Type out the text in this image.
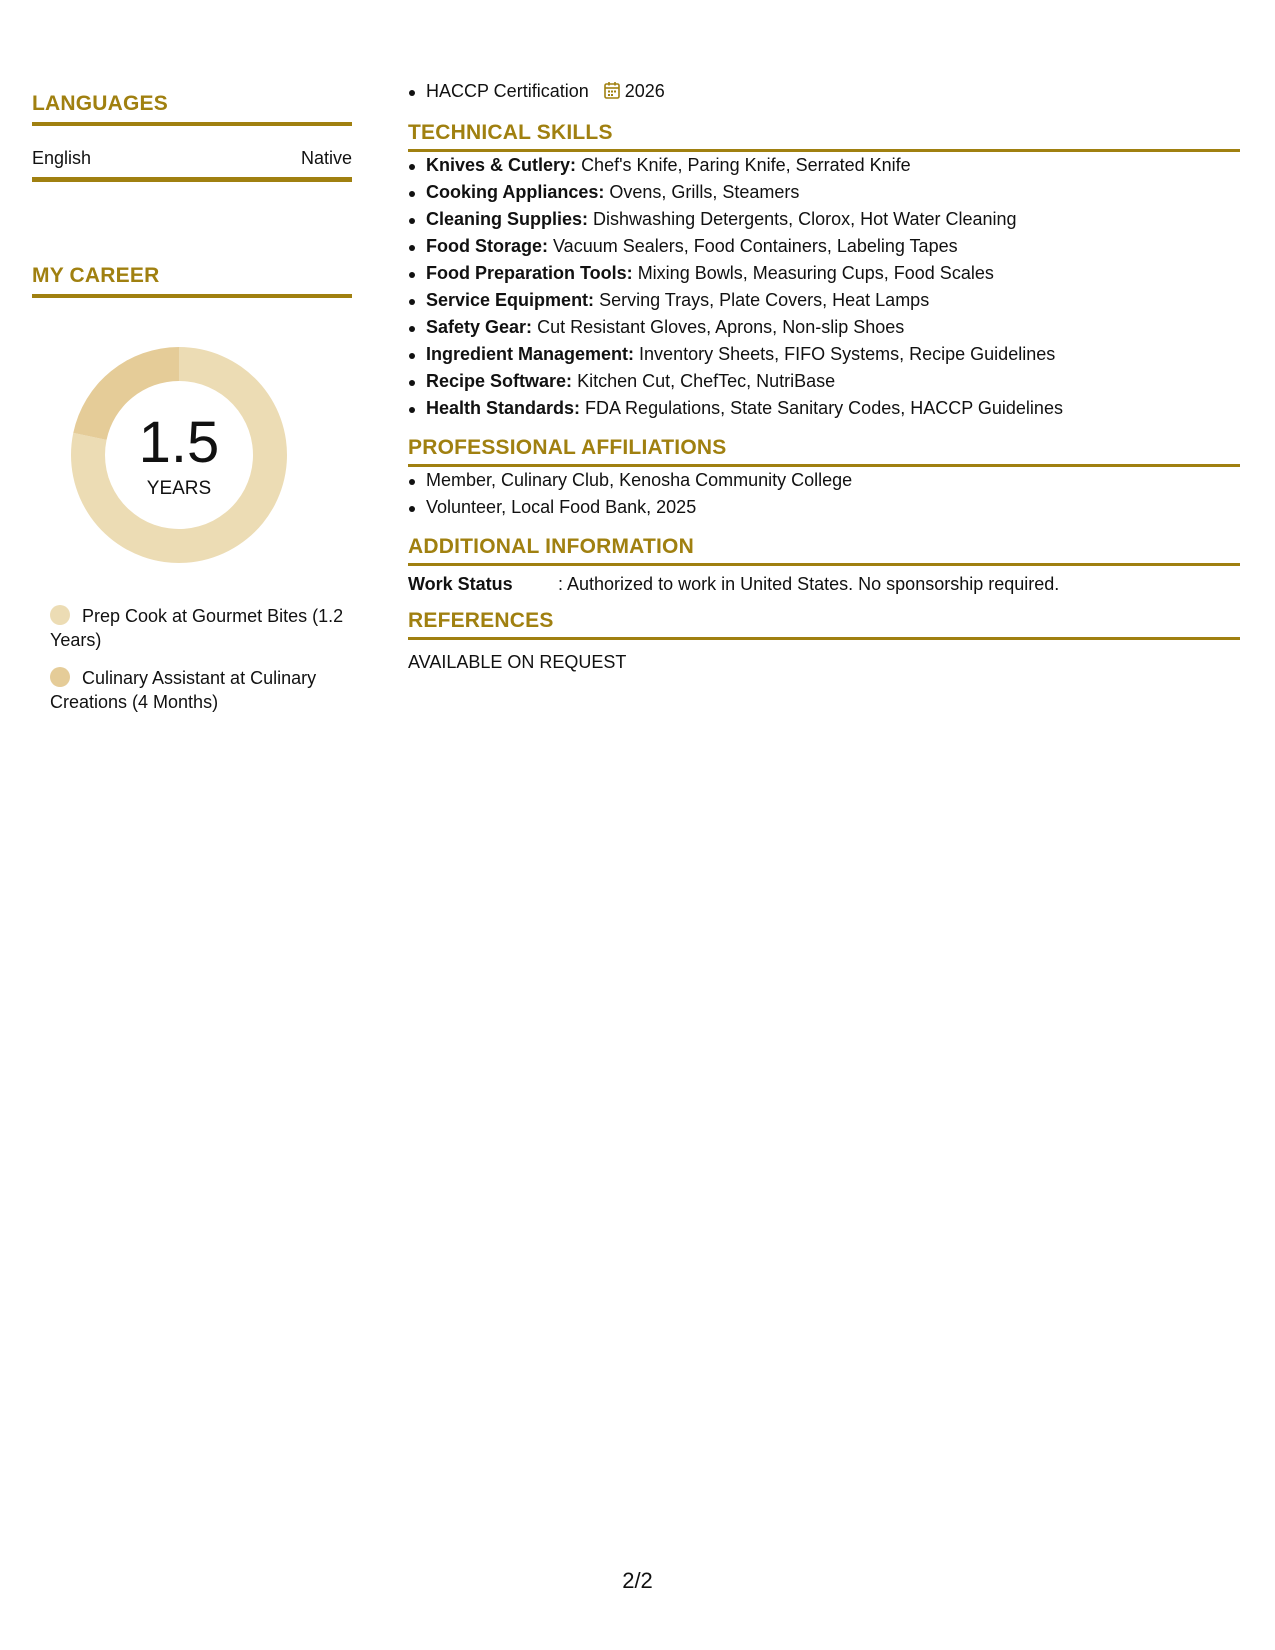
LANGUAGES
English	Native
MY CAREER
1.5
YEARS
Prep Cook at Gourmet Bites (1.2 Years)
Culinary Assistant at Culinary Creations (4 Months)
HACCP Certification 2026
TECHNICAL SKILLS
Knives & Cutlery: Chef's Knife, Paring Knife, Serrated Knife
Cooking Appliances: Ovens, Grills, Steamers
Cleaning Supplies: Dishwashing Detergents, Clorox, Hot Water Cleaning
Food Storage: Vacuum Sealers, Food Containers, Labeling Tapes
Food Preparation Tools: Mixing Bowls, Measuring Cups, Food Scales
Service Equipment: Serving Trays, Plate Covers, Heat Lamps
Safety Gear: Cut Resistant Gloves, Aprons, Non-slip Shoes
Ingredient Management: Inventory Sheets, FIFO Systems, Recipe Guidelines
Recipe Software: Kitchen Cut, ChefTec, NutriBase
Health Standards: FDA Regulations, State Sanitary Codes, HACCP Guidelines
PROFESSIONAL AFFILIATIONS
Member, Culinary Club, Kenosha Community College
Volunteer, Local Food Bank, 2025
ADDITIONAL INFORMATION
Work Status	: Authorized to work in United States. No sponsorship required.
REFERENCES
AVAILABLE ON REQUEST
2/2
